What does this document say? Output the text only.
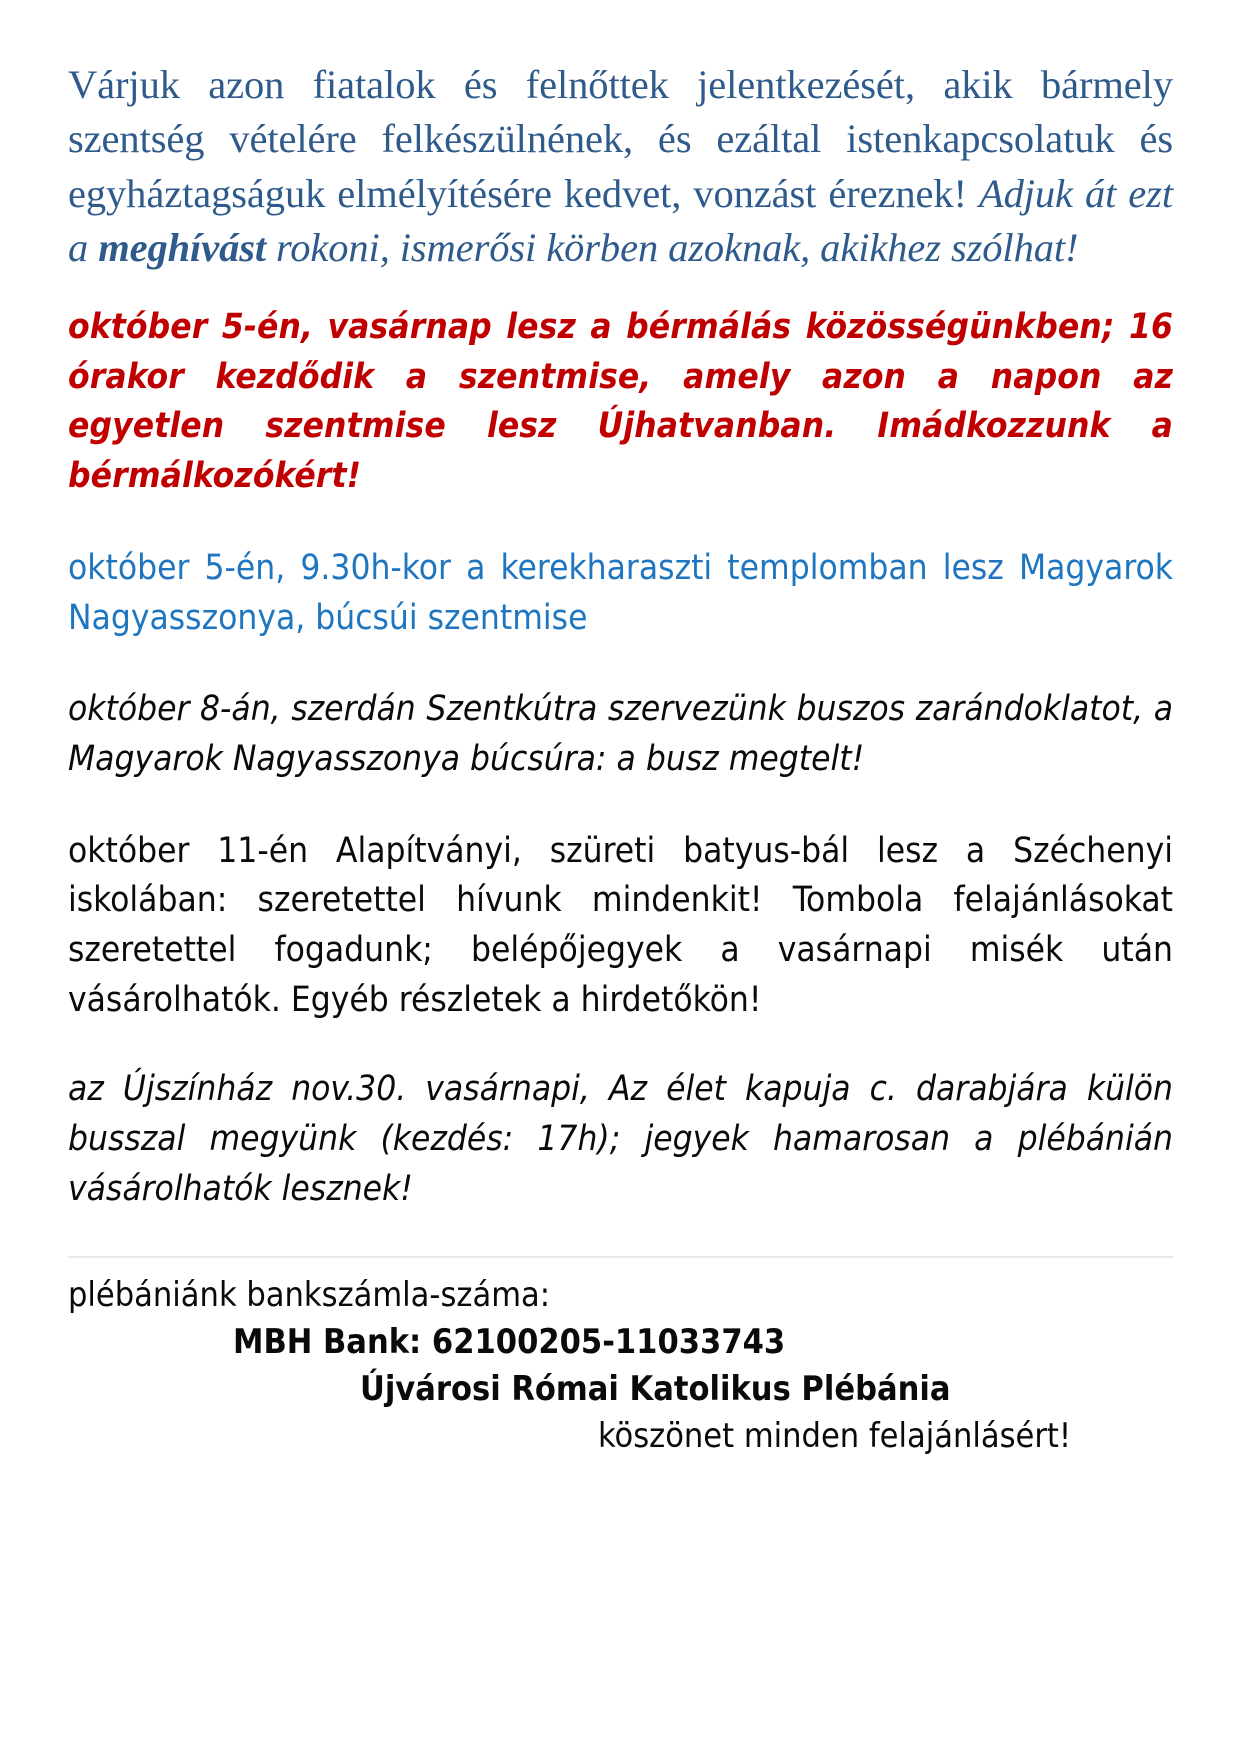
Várjuk azon fiatalok és felnőttek jelentkezését, akik bármely szentség vételére felkészülnének, és ezáltal istenkapcsolatuk és egyháztagságuk elmélyítésére kedvet, vonzást éreznek! Adjuk át ezt a meghívást rokoni, ismerősi körben azoknak, akikhez szólhat!

október 5-én, vasárnap lesz a bérmálás közösségünkben; 16 órakor kezdődik a szentmise, amely azon a napon az egyetlen szentmise lesz Újhatvanban. Imádkozzunk a bérmálkozókért!

október 5-én, 9.30h-kor a kerekharaszti templomban lesz Magyarok Nagyasszonya, búcsúi szentmise

október 8-án, szerdán Szentkútra szervezünk buszos zarándoklatot, a Magyarok Nagyasszonya búcsúra: a busz megtelt!

október 11-én Alapítványi, szüreti batyus-bál lesz a Széchenyi iskolában: szeretettel hívunk mindenkit! Tombola felajánlásokat szeretettel fogadunk; belépőjegyek a vasárnapi misék után vásárolhatók. Egyéb részletek a hirdetőkön!

az Újszínház nov.30. vasárnapi, Az élet kapuja c. darabjára külön busszal megyünk (kezdés: 17h); jegyek hamarosan a plébánián vásárolhatók lesznek!

plébániánk bankszámla-száma:
MBH Bank: 62100205-11033743
Újvárosi Római Katolikus Plébánia
köszönet minden felajánlásért!
